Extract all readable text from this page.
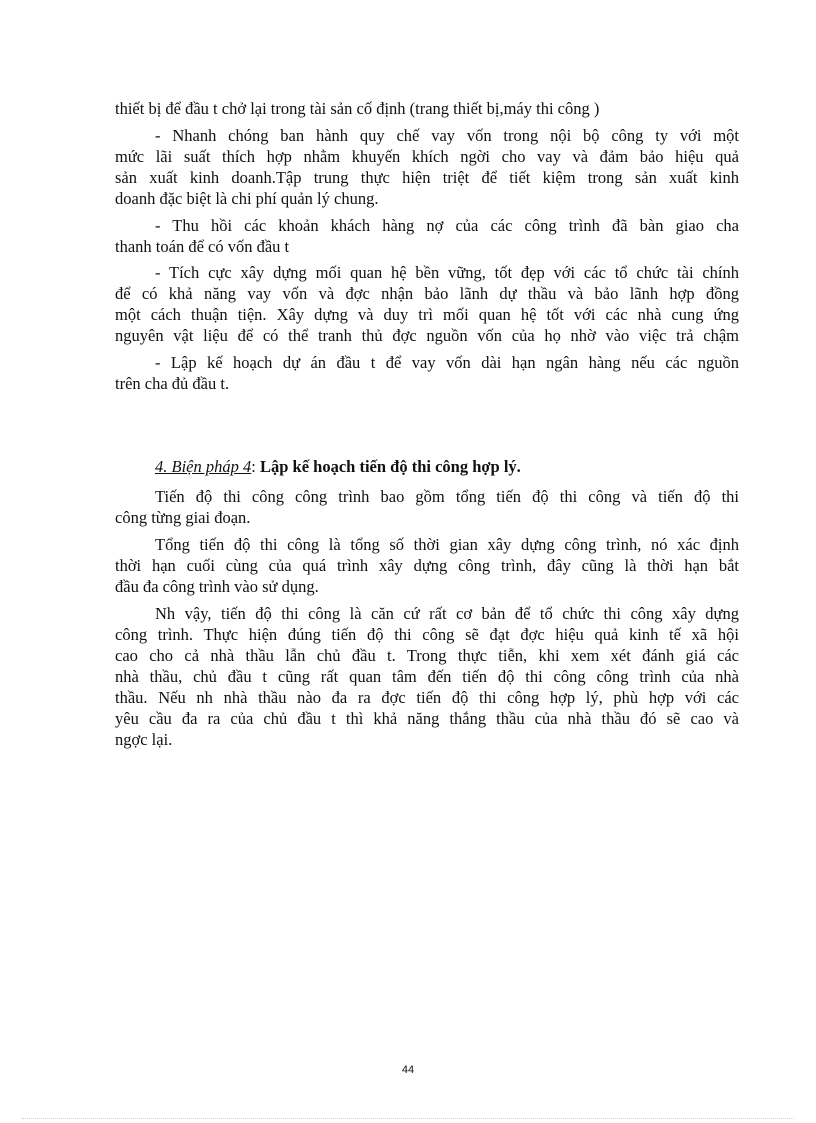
thiết bị để đầu t chở lại trong tài sản cố định (trang thiết bị,máy thi công )
- Nhanh chóng ban hành quy chế vay vốn trong nội bộ công ty với một
mức lãi suất thích hợp nhằm khuyến khích ngời cho vay và đảm bảo hiệu quả
sản xuất kinh doanh.Tập trung thực hiện triệt để tiết kiệm trong sản xuất kinh
doanh đặc biệt là chi phí quản lý chung.
- Thu hồi các khoản khách hàng nợ của các công trình đã bàn giao cha
thanh toán để có vốn đầu t
- Tích cực xây dựng mối quan hệ bền vững, tốt đẹp với các tổ chức tài chính
để có khả năng vay vốn và đợc nhận bảo lãnh dự thầu và bảo lãnh hợp đồng
một cách thuận tiện. Xây dựng và duy trì mối quan hệ tốt với các nhà cung ứng
nguyên vật liệu để có thể tranh thủ đợc nguồn vốn của họ nhờ vào việc trả chậm
- Lập kế hoạch dự án đầu t để vay vốn dài hạn ngân hàng nếu các nguồn
trên cha đủ đầu t.
Tiến độ thi công công trình bao gồm tổng tiến độ thi công và tiến độ thi
công từng giai đoạn.
Tổng tiến độ thi công là tổng số thời gian xây dựng công trình, nó xác định
thời hạn cuối cùng của quá trình xây dựng công trình, đây cũng là thời hạn bắt
đầu đa công trình vào sử dụng.
Nh vậy, tiến độ thi công là căn cứ rất cơ bản để tổ chức thi công xây dựng
công trình. Thực hiện đúng tiến độ thi công sẽ đạt đợc hiệu quả kinh tế xã hội
cao cho cả nhà thầu lẫn chủ đầu t. Trong thực tiễn, khi xem xét đánh giá các
nhà thầu, chủ đầu t cũng rất quan tâm đến tiến độ thi công công trình của nhà
thầu. Nếu nh nhà thầu nào đa ra đợc tiến độ thi công hợp lý, phù hợp với các
yêu cầu đa ra của chủ đầu t thì khả năng thắng thầu của nhà thầu đó sẽ cao và
ngợc lại.
4. Biện pháp 4: Lập kế hoạch tiến độ thi công hợp lý.
44
